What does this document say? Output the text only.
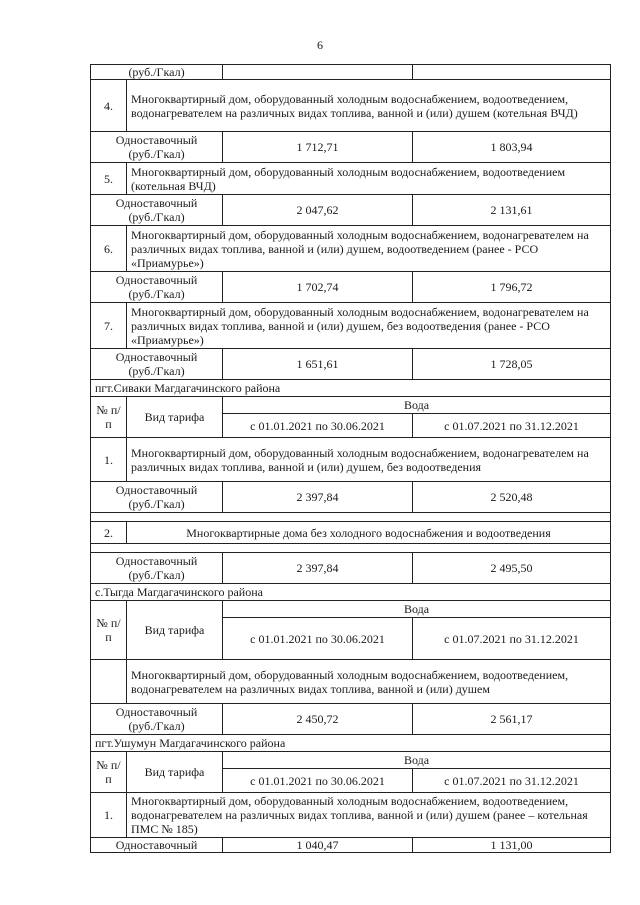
6
(руб./Гкал)			
4.	Многоквартирный дом, оборудованный холодным водоснабжением, водоотведением, водонагревателем на различных видах топлива, ванной и (или) душем (котельная ВЧД)		
Одноставочный
(руб./Гкал)		1 712,71	1 803,94
5.	Многоквартирный дом, оборудованный холодным водоснабжением, водоотведением (котельная ВЧД)		
Одноставочный
(руб./Гкал)		2 047,62	2 131,61
6.	Многоквартирный дом, оборудованный холодным водоснабжением, водонагревателем на различных видах топлива, ванной и (или) душем, водоотведением (ранее - РСО «Приамурье»)		
Одноставочный
(руб./Гкал)		1 702,74	1 796,72
7.	Многоквартирный дом, оборудованный холодным водоснабжением, водонагревателем на различных видах топлива, ванной и (или) душем, без водоотведения (ранее - РСО «Приамурье»)		
Одноставочный
(руб./Гкал)		1 651,61	1 728,05
пгт.Сиваки Магдагачинского района			
№ п/п	Вид тарифа	Вода	
		с 01.01.2021 по 30.06.2021	с 01.07.2021 по 31.12.2021
1.	Многоквартирный дом, оборудованный холодным водоснабжением, водонагревателем на различных видах топлива, ванной и (или) душем, без водоотведения		
Одноставочный
(руб./Гкал)		2 397,84	2 520,48

2.	Многоквартирные дома без холодного водоснабжения и водоотведения		

Одноставочный
(руб./Гкал)		2 397,84	2 495,50
с.Тыгда Магдагачинского района			
№ п/п	Вид тарифа	Вода	
		с 01.01.2021 по 30.06.2021	с 01.07.2021 по 31.12.2021
	Многоквартирный дом, оборудованный холодным водоснабжением, водоотведением, водонагревателем на различных видах топлива, ванной и (или) душем		
Одноставочный
(руб./Гкал)		2 450,72	2 561,17
пгт.Ушумун Магдагачинского района			
№ п/п	Вид тарифа	Вода	
		с 01.01.2021 по 30.06.2021	с 01.07.2021 по 31.12.2021
1.	Многоквартирный дом, оборудованный холодным водоснабжением, водоотведением, водонагревателем на различных видах топлива, ванной и (или) душем (ранее – котельная ПМС № 185)		
Одноставочный		1 040,47	1 131,00
